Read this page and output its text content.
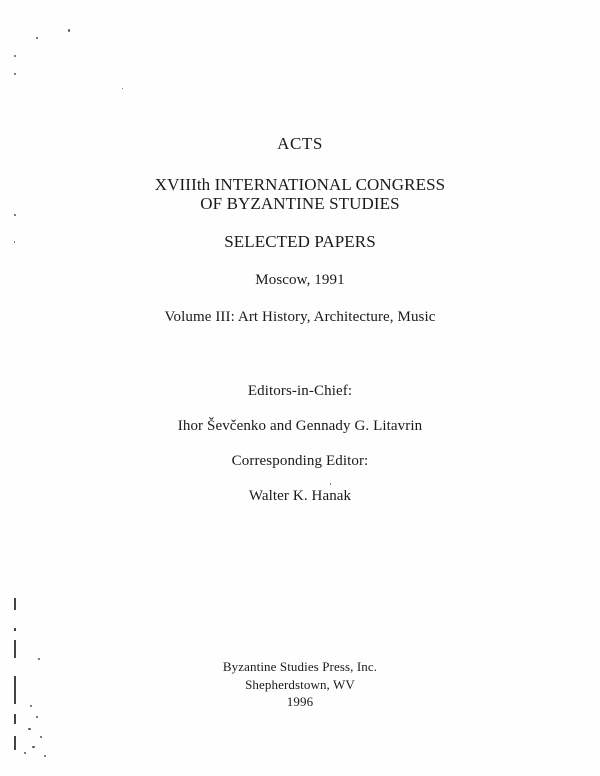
ACTS
XVIIIth INTERNATIONAL CONGRESS
OF BYZANTINE STUDIES
SELECTED PAPERS
Moscow, 1991
Volume III: Art History, Architecture, Music
Editors-in-Chief:
Ihor Ševčenko and Gennady G. Litavrin
Corresponding Editor:
Walter K. Hanak
Byzantine Studies Press, Inc.
Shepherdstown, WV
1996
